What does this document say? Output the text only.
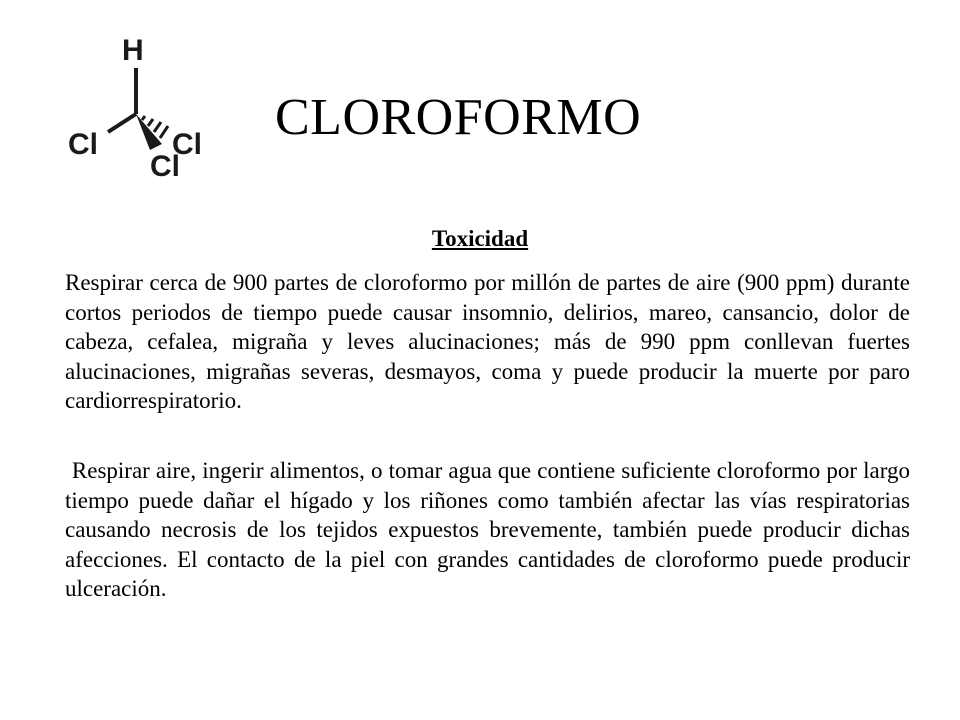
H
Cl
Cl
Cl CLOROFORMO
Toxicidad

Respirar cerca de 900 partes de cloroformo por millón de partes de aire (900 ppm) durante cortos periodos de tiempo puede causar insomnio, delirios, mareo, cansancio, dolor de cabeza, cefalea, migraña y leves alucinaciones; más de 990 ppm conllevan fuertes alucinaciones, migrañas severas, desmayos, coma y puede producir la muerte por paro cardiorrespiratorio.

Respirar aire, ingerir alimentos, o tomar agua que contiene suficiente cloroformo por largo tiempo puede dañar el hígado y los riñones como también afectar las vías respiratorias causando necrosis de los tejidos expuestos brevemente, también puede producir dichas afecciones. El contacto de la piel con grandes cantidades de cloroformo puede producir ulceración.
